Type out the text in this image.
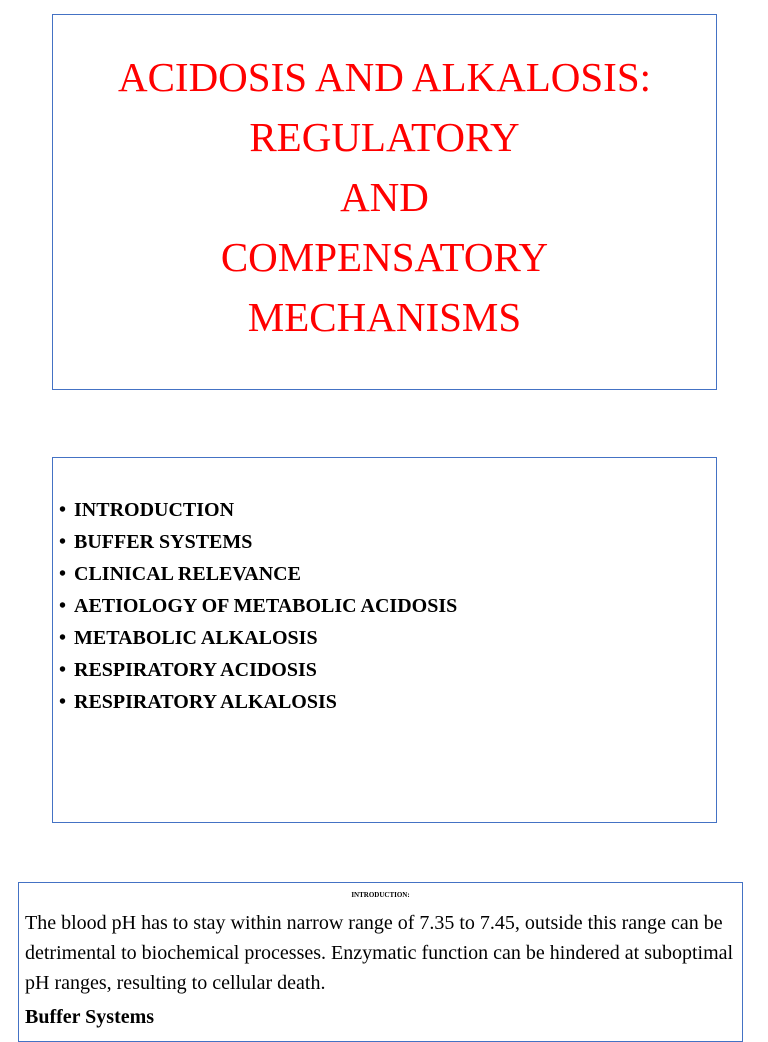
ACIDOSIS AND ALKALOSIS:
REGULATORY
AND
COMPENSATORY
MECHANISMS
• INTRODUCTION
• BUFFER SYSTEMS
• CLINICAL RELEVANCE
• AETIOLOGY OF METABOLIC ACIDOSIS
• METABOLIC ALKALOSIS
• RESPIRATORY ACIDOSIS
• RESPIRATORY ALKALOSIS
INTRODUCTION:
The blood pH has to stay within narrow range of 7.35 to 7.45, outside this range can be detrimental to biochemical processes. Enzymatic function can be hindered at suboptimal pH ranges, resulting to cellular death.
Buffer Systems
